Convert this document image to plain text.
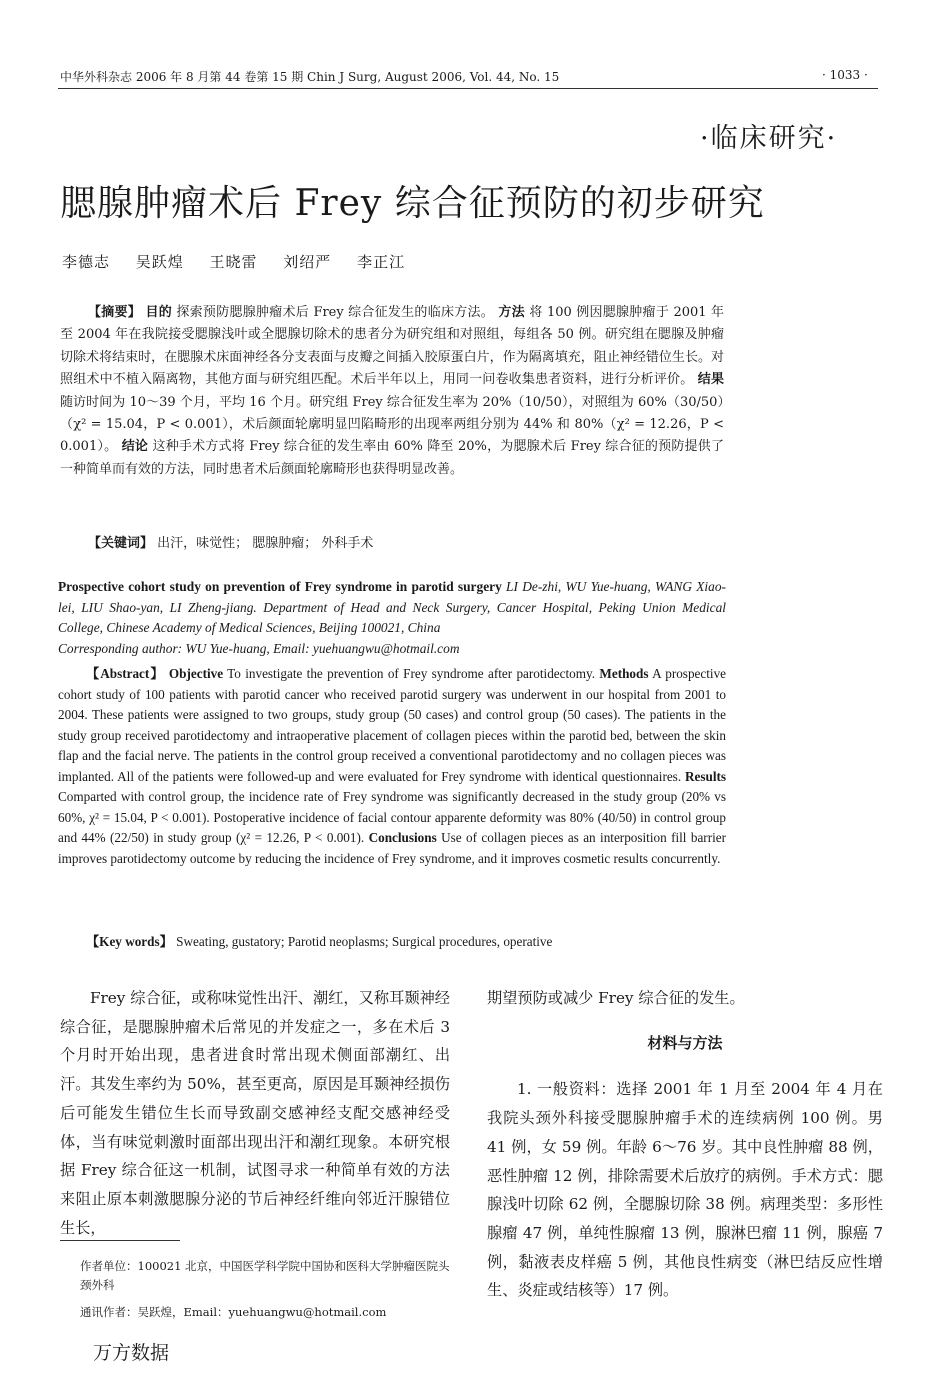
中华外科杂志 2006 年 8 月第 44 卷第 15 期 Chin J Surg, August 2006, Vol. 44, No. 15	· 1033 ·
·临床研究·
腮腺肿瘤术后 Frey 综合征预防的初步研究
李德志 吴跃煌 王晓雷 刘绍严 李正江

【摘要】 目的 探索预防腮腺肿瘤术后 Frey 综合征发生的临床方法。 方法 将 100 例因腮腺肿瘤于 2001 年至 2004 年在我院接受腮腺浅叶或全腮腺切除术的患者分为研究组和对照组，每组各 50 例。研究组在腮腺及肿瘤切除术将结束时，在腮腺术床面神经各分支表面与皮瓣之间插入胶原蛋白片，作为隔离填充，阻止神经错位生长。对照组术中不植入隔离物，其他方面与研究组匹配。术后半年以上，用同一问卷收集患者资料，进行分析评价。 结果 随访时间为 10～39 个月，平均 16 个月。研究组 Frey 综合征发生率为 20%（10/50），对照组为 60%（30/50）（χ² = 15.04，P < 0.001），术后颜面轮廓明显凹陷畸形的出现率两组分别为 44% 和 80%（χ² = 12.26，P < 0.001）。 结论 这种手术方式将 Frey 综合征的发生率由 60% 降至 20%，为腮腺术后 Frey 综合征的预防提供了一种简单而有效的方法，同时患者术后颜面轮廓畸形也获得明显改善。

【关键词】 出汗，味觉性； 腮腺肿瘤； 外科手术
Prospective cohort study on prevention of Frey syndrome in parotid surgery LI De-zhi, WU Yue-huang, WANG Xiao-lei, LIU Shao-yan, LI Zheng-jiang. Department of Head and Neck Surgery, Cancer Hospital, Peking Union Medical College, Chinese Academy of Medical Sciences, Beijing 100021, China
Corresponding author: WU Yue-huang, Email: yuehuangwu@hotmail.com

【Abstract】 Objective To investigate the prevention of Frey syndrome after parotidectomy. Methods A prospective cohort study of 100 patients with parotid cancer who received parotid surgery was underwent in our hospital from 2001 to 2004. These patients were assigned to two groups, study group (50 cases) and control group (50 cases). The patients in the study group received parotidectomy and intraoperative placement of collagen pieces within the parotid bed, between the skin flap and the facial nerve. The patients in the control group received a conventional parotidectomy and no collagen pieces was implanted. All of the patients were followed-up and were evaluated for Frey syndrome with identical questionnaires. Results Comparted with control group, the incidence rate of Frey syndrome was significantly decreased in the study group (20% vs 60%, χ² = 15.04, P < 0.001). Postoperative incidence of facial contour apparente deformity was 80% (40/50) in control group and 44% (22/50) in study group (χ² = 12.26, P < 0.001). Conclusions Use of collagen pieces as an interposition fill barrier improves parotidectomy outcome by reducing the incidence of Frey syndrome, and it improves cosmetic results concurrently.

【Key words】 Sweating, gustatory; Parotid neoplasms; Surgical procedures, operative

Frey 综合征，或称味觉性出汗、潮红，又称耳颞神经综合征，是腮腺肿瘤术后常见的并发症之一，多在术后 3 个月时开始出现，患者进食时常出现术侧面部潮红、出汗。其发生率约为 50%，甚至更高，原因是耳颞神经损伤后可能发生错位生长而导致副交感神经支配交感神经受体，当有味觉刺激时面部出现出汗和潮红现象。本研究根据 Frey 综合征这一机制，试图寻求一种简单有效的方法来阻止原本刺激腮腺分泌的节后神经纤维向邻近汗腺错位生长，

期望预防或减少 Frey 综合征的发生。

材料与方法

1. 一般资料：选择 2001 年 1 月至 2004 年 4 月在我院头颈外科接受腮腺肿瘤手术的连续病例 100 例。男 41 例，女 59 例。年龄 6～76 岁。其中良性肿瘤 88 例，恶性肿瘤 12 例，排除需要术后放疗的病例。手术方式：腮腺浅叶切除 62 例，全腮腺切除 38 例。病理类型：多形性腺瘤 47 例，单纯性腺瘤 13 例，腺淋巴瘤 11 例，腺癌 7 例，黏液表皮样癌 5 例，其他良性病变（淋巴结反应性增生、炎症或结核等）17 例。

作者单位：100021 北京，中国医学科学院中国协和医科大学肿瘤医院头颈外科

通讯作者：吴跃煌，Email：yuehuangwu@hotmail.com

万方数据
